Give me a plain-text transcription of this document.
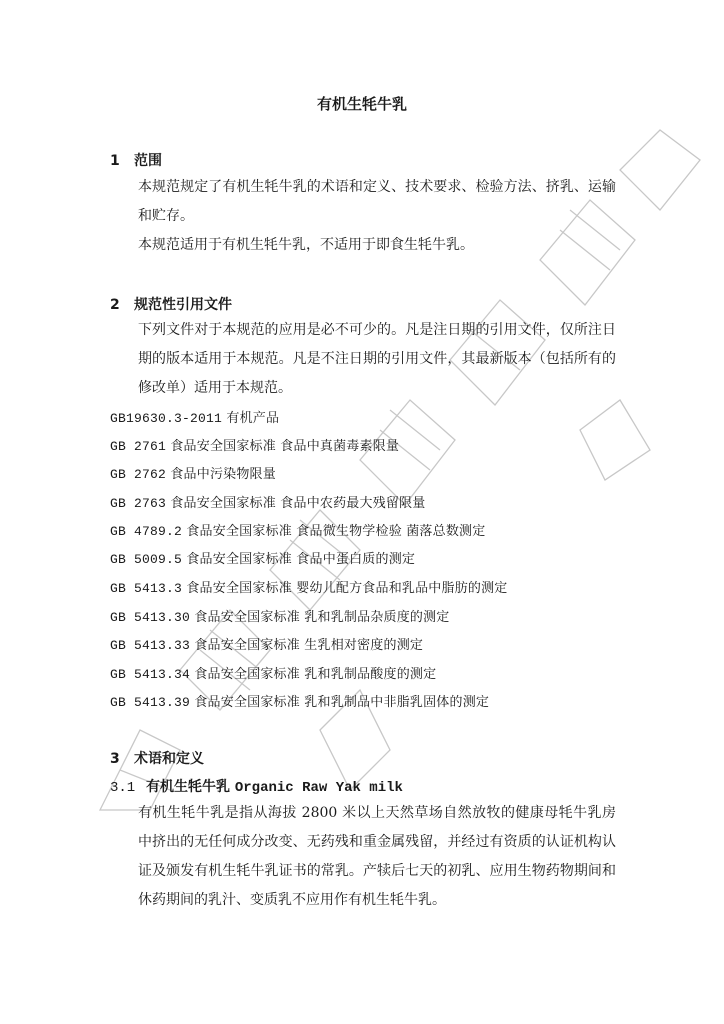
有机生牦牛乳
1 范围
本规范规定了有机生牦牛乳的术语和定义、技术要求、检验方法、挤乳、运输和贮存。
本规范适用于有机生牦牛乳，不适用于即食生牦牛乳。
2 规范性引用文件
下列文件对于本规范的应用是必不可少的。凡是注日期的引用文件，仅所注日期的版本适用于本规范。凡是不注日期的引用文件，其最新版本（包括所有的修改单）适用于本规范。
GB19630.3-2011 有机产品
GB 2761 食品安全国家标准 食品中真菌毒素限量
GB 2762 食品中污染物限量
GB 2763 食品安全国家标准 食品中农药最大残留限量
GB 4789.2 食品安全国家标准 食品微生物学检验 菌落总数测定
GB 5009.5 食品安全国家标准 食品中蛋白质的测定
GB 5413.3 食品安全国家标准 婴幼儿配方食品和乳品中脂肪的测定
GB 5413.30 食品安全国家标准 乳和乳制品杂质度的测定
GB 5413.33 食品安全国家标准 生乳相对密度的测定
GB 5413.34 食品安全国家标准 乳和乳制品酸度的测定
GB 5413.39 食品安全国家标准 乳和乳制品中非脂乳固体的测定
3 术语和定义
3.1 有机生牦牛乳 Organic Raw Yak milk
有机生牦牛乳是指从海拔 2800 米以上天然草场自然放牧的健康母牦牛乳房中挤出的无任何成分改变、无药残和重金属残留，并经过有资质的认证机构认证及颁发有机生牦牛乳证书的常乳。产犊后七天的初乳、应用生物药物期间和休药期间的乳汁、变质乳不应用作有机生牦牛乳。
